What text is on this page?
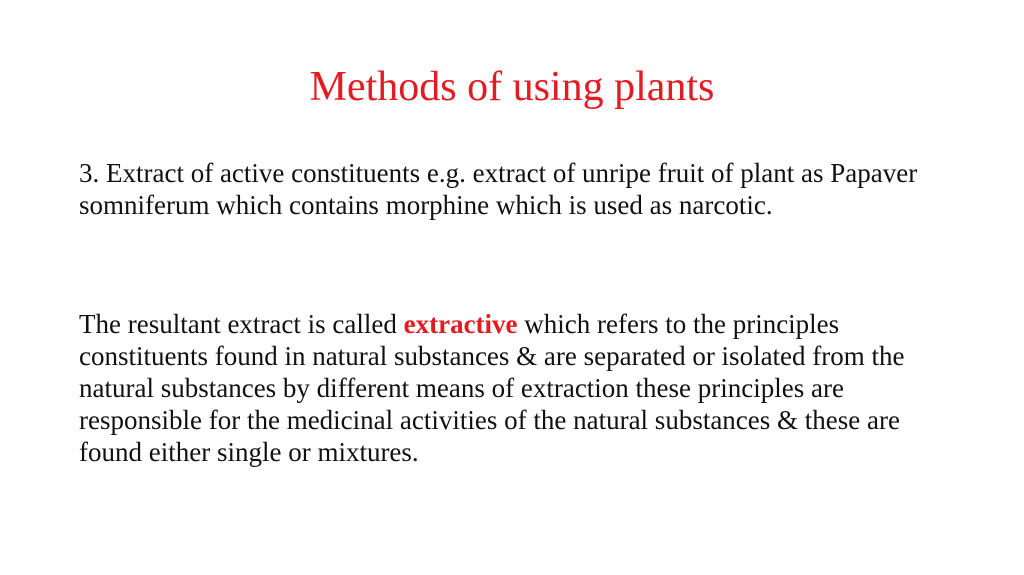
Methods of using plants

3. Extract of active constituents e.g. extract of unripe fruit of plant as Papaver somniferum which contains morphine which is used as narcotic.

The resultant extract is called extractive which refers to the principles constituents found in natural substances & are separated or isolated from the natural substances by different means of extraction these principles are responsible for the medicinal activities of the natural substances & these are found either single or mixtures.
